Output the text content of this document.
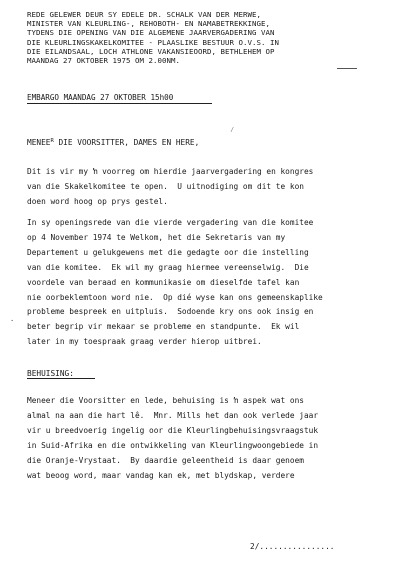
REDE GELEWER DEUR SY EDELE DR. SCHALK VAN DER MERWE,
MINISTER VAN KLEURLING-, REHOBOTH- EN NAMABETREKKINGE,
TYDENS DIE OPENING VAN DIE ALGEMENE JAARVERGADERING VAN
DIE KLEURLINGSKAKELKOMITEE - PLAASLIKE BESTUUR O.V.S. IN
DIE EILANDSAAL, LOCH ATHLONE VAKANSIEOORD, BETHLEHEM OP
MAANDAG 27 OKTOBER 1975 OM 2.00NM.
EMBARGO MAANDAG 27 OKTOBER 15h00
⁄
$MENEE^R$ DIE VOORSITTER, DAMES EN HERE,
Dit is vir my ŉ voorreg om hierdie jaarvergadering en kongres
van die Skakelkomitee te open.  U uitnodiging om dit te kon
doen word hoog op prys gestel.
In sy openingsrede van die vierde vergadering van die komitee
op 4 November 1974 te Welkom, het die Sekretaris van my
Departement u gelukgewens met die gedagte oor die instelling
van die komitee.  Ek wil my graag hiermee vereenselwig.  Die
voordele van beraad en kommunikasie om dieselfde tafel kan
nie oorbeklemtoon word nie.  Op dié wyse kan ons gemeenskaplike
probleme bespreek en uitpluis.  Sodoende kry ons ook insig en
beter begrip vir mekaar se probleme en standpunte.  Ek wil
later in my toespraak graag verder hierop uitbrei.
·
BEHUISING:
Meneer die Voorsitter en lede, behuising is ŉ aspek wat ons
almal na aan die hart lê.  Mnr. Mills het dan ook verlede jaar
vir u breedvoerig ingelig oor die Kleurlingbehuisingsvraagstuk
in Suid-Afrika en die ontwikkeling van Kleurlingwoongebiede in
die Oranje-Vrystaat.  By daardie geleentheid is daar genoem
wat beoog word, maar vandag kan ek, met blydskap, verdere
2/................
